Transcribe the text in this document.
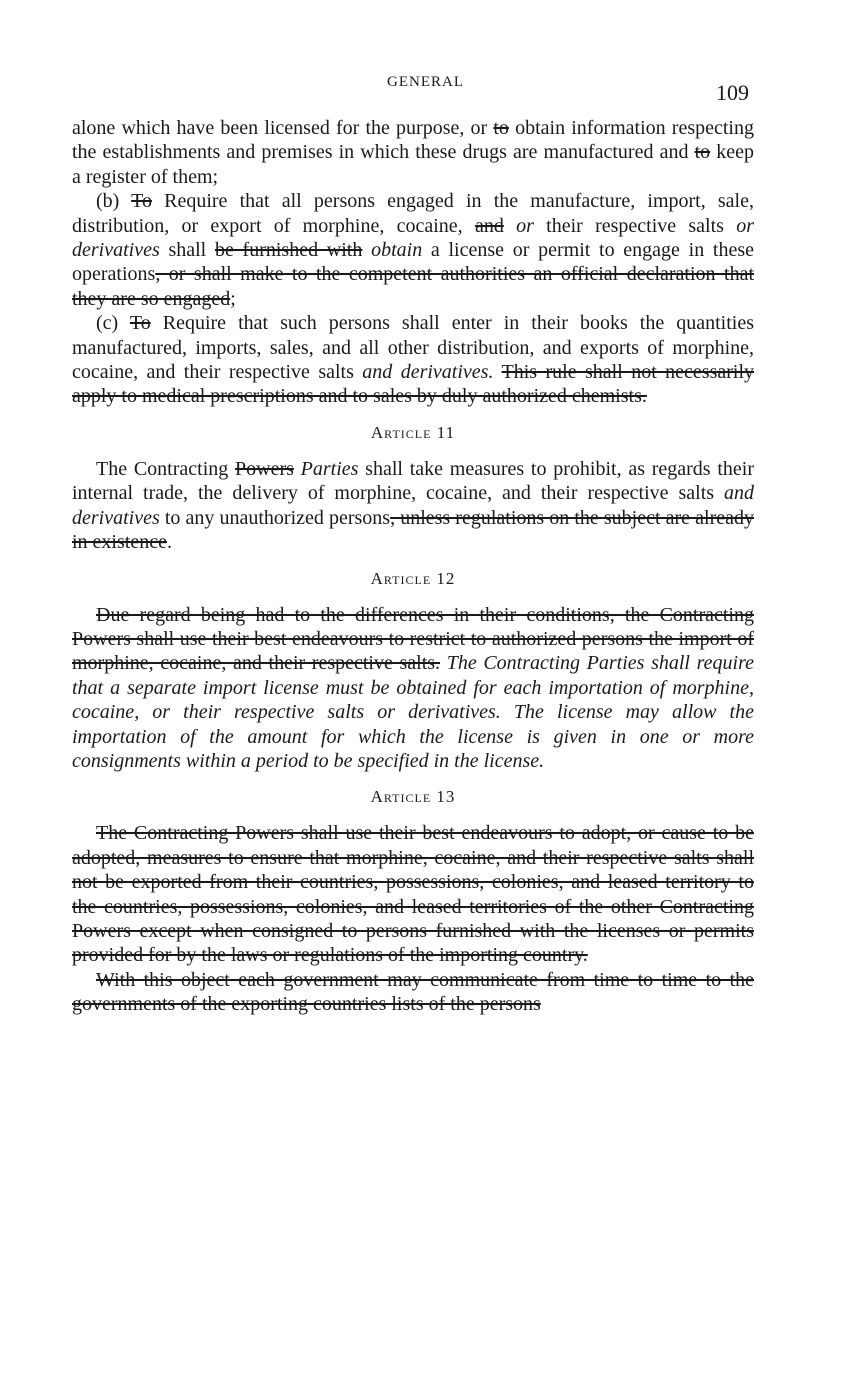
GENERAL	109

alone which have been licensed for the purpose, or to obtain information respecting the establishments and premises in which these drugs are manufactured and to keep a register of them;

(b) To Require that all persons engaged in the manufacture, import, sale, distribution, or export of morphine, cocaine, and or their respective salts or derivatives shall be furnished with obtain a license or permit to engage in these operations, or shall make to the competent authorities an official declaration that they are so engaged;

(c) To Require that such persons shall enter in their books the quantities manufactured, imports, sales, and all other distribution, and exports of morphine, cocaine, and their respective salts and derivatives. This rule shall not necessarily apply to medical prescriptions and to sales by duly authorized chemists.

Article 11

The Contracting Powers Parties shall take measures to prohibit, as regards their internal trade, the delivery of morphine, cocaine, and their respective salts and derivatives to any unauthorized persons, unless regulations on the subject are already in existence.

Article 12

Due regard being had to the differences in their conditions, the Contracting Powers shall use their best endeavours to restrict to authorized persons the import of morphine, cocaine, and their respective salts. The Contracting Parties shall require that a separate import license must be obtained for each importation of morphine, cocaine, or their respective salts or derivatives. The license may allow the importation of the amount for which the license is given in one or more consignments within a period to be specified in the license.

Article 13

The Contracting Powers shall use their best endeavours to adopt, or cause to be adopted, measures to ensure that morphine, cocaine, and their respective salts shall not be exported from their countries, possessions, colonies, and leased territory to the countries, possessions, colonies, and leased territories of the other Contracting Powers except when consigned to persons furnished with the licenses or permits provided for by the laws or regulations of the importing country.

With this object each government may communicate from time to time to the governments of the exporting countries lists of the persons
